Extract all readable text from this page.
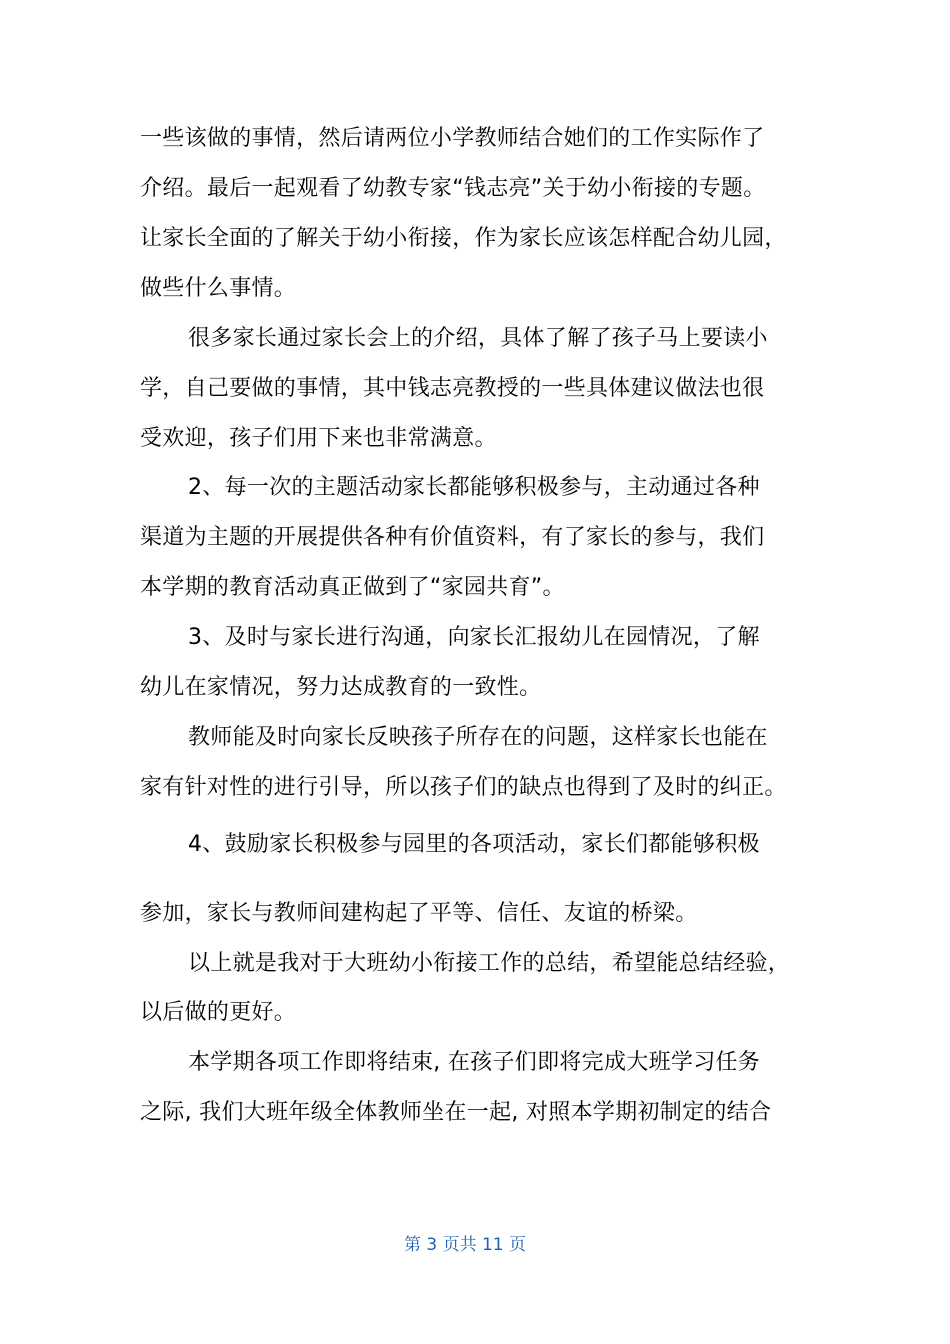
一些该做的事情，然后请两位小学教师结合她们的工作实际作了
介绍。最后一起观看了幼教专家“钱志亮”关于幼小衔接的专题。
让家长全面的了解关于幼小衔接，作为家长应该怎样配合幼儿园，
做些什么事情。
很多家长通过家长会上的介绍，具体了解了孩子马上要读小
学，自己要做的事情，其中钱志亮教授的一些具体建议做法也很
受欢迎，孩子们用下来也非常满意。
2、每一次的主题活动家长都能够积极参与，主动通过各种
渠道为主题的开展提供各种有价值资料，有了家长的参与，我们
本学期的教育活动真正做到了“家园共育”。
3、及时与家长进行沟通，向家长汇报幼儿在园情况，了解
幼儿在家情况，努力达成教育的一致性。
教师能及时向家长反映孩子所存在的问题，这样家长也能在
家有针对性的进行引导，所以孩子们的缺点也得到了及时的纠正。
4、鼓励家长积极参与园里的各项活动，家长们都能够积极
参加，家长与教师间建构起了平等、信任、友谊的桥梁。
以上就是我对于大班幼小衔接工作的总结，希望能总结经验，
以后做的更好。
本学期各项工作即将结束, 在孩子们即将完成大班学习任务
之际, 我们大班年级全体教师坐在一起, 对照本学期初制定的结合
第 3 页共 11 页
